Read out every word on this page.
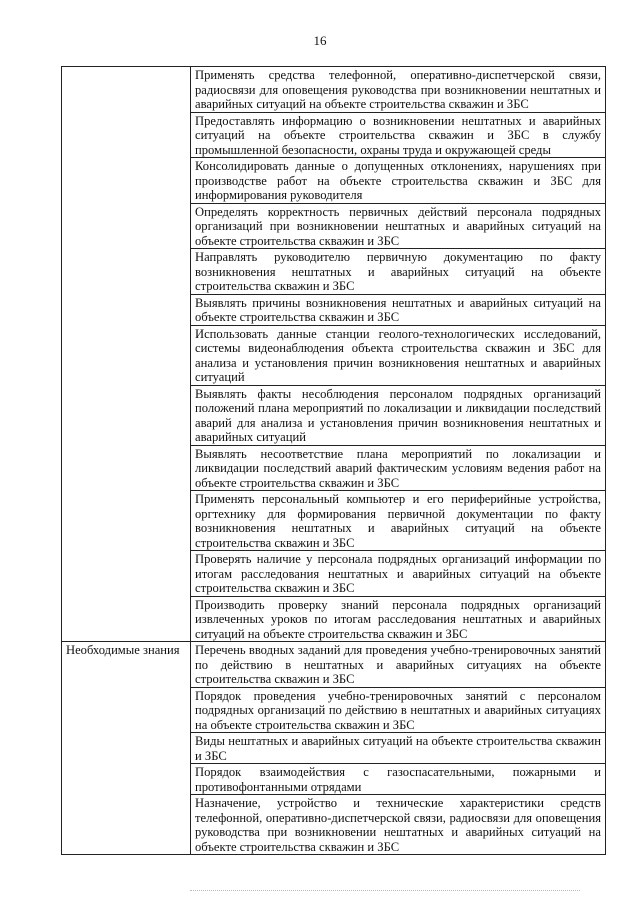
16
	Применять средства телефонной, оперативно-диспетчерской связи, радиосвязи для оповещения руководства при возникновении нештатных и аварийных ситуаций на объекте строительства скважин и ЗБС
	Предоставлять информацию о возникновении нештатных и аварийных ситуаций на объекте строительства скважин и ЗБС в службу промышленной безопасности, охраны труда и окружающей среды
	Консолидировать данные о допущенных отклонениях, нарушениях при производстве работ на объекте строительства скважин и ЗБС для информирования руководителя
	Определять корректность первичных действий персонала подрядных организаций при возникновении нештатных и аварийных ситуаций на объекте строительства скважин и ЗБС
	Направлять руководителю первичную документацию по факту возникновения нештатных и аварийных ситуаций на объекте строительства скважин и ЗБС
	Выявлять причины возникновения нештатных и аварийных ситуаций на объекте строительства скважин и ЗБС
	Использовать данные станции геолого-технологических исследований, системы видеонаблюдения объекта строительства скважин и ЗБС для анализа и установления причин возникновения нештатных и аварийных ситуаций
	Выявлять факты несоблюдения персоналом подрядных организаций положений плана мероприятий по локализации и ликвидации последствий аварий для анализа и установления причин возникновения нештатных и аварийных ситуаций
	Выявлять несоответствие плана мероприятий по локализации и ликвидации последствий аварий фактическим условиям ведения работ на объекте строительства скважин и ЗБС
	Применять персональный компьютер и его периферийные устройства, оргтехнику для формирования первичной документации по факту возникновения нештатных и аварийных ситуаций на объекте строительства скважин и ЗБС
	Проверять наличие у персонала подрядных организаций информации по итогам расследования нештатных и аварийных ситуаций на объекте строительства скважин и ЗБС
	Производить проверку знаний персонала подрядных организаций извлеченных уроков по итогам расследования нештатных и аварийных ситуаций на объекте строительства скважин и ЗБС
Необходимые знания	Перечень вводных заданий для проведения учебно-тренировочных занятий по действию в нештатных и аварийных ситуациях на объекте строительства скважин и ЗБС
	Порядок проведения учебно-тренировочных занятий с персоналом подрядных организаций по действию в нештатных и аварийных ситуациях на объекте строительства скважин и ЗБС
	Виды нештатных и аварийных ситуаций на объекте строительства скважин и ЗБС
	Порядок взаимодействия с газоспасательными, пожарными и противофонтанными отрядами
	Назначение, устройство и технические характеристики средств телефонной, оперативно-диспетчерской связи, радиосвязи для оповещения руководства при возникновении нештатных и аварийных ситуаций на объекте строительства скважин и ЗБС
